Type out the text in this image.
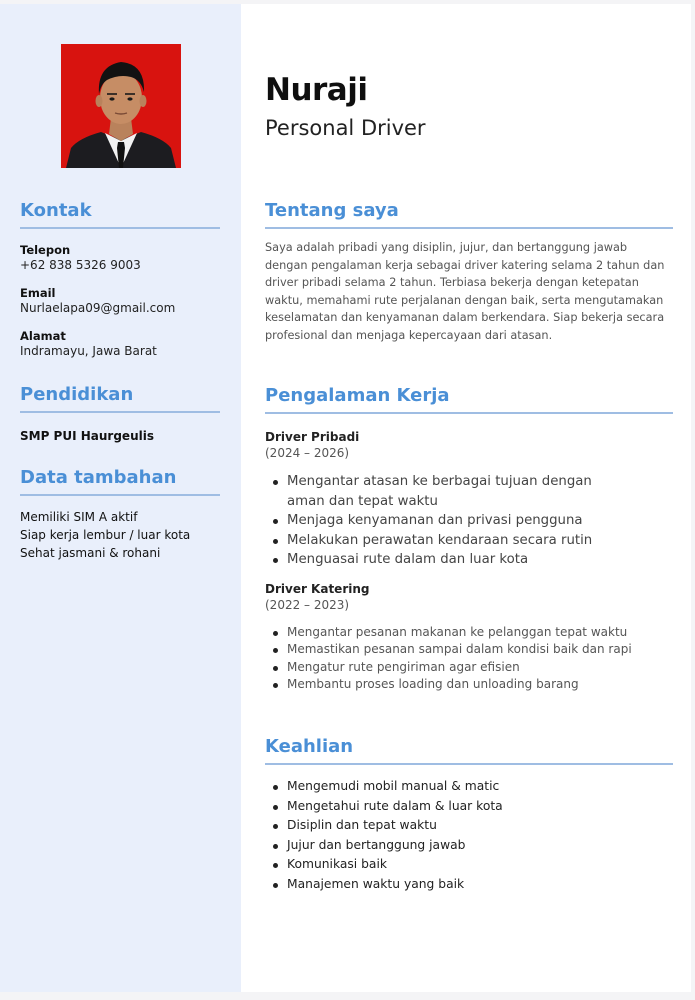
Kontak
Telepon
+62 838 5326 9003
Email
Nurlaelapa09@gmail.com
Alamat
Indramayu, Jawa Barat
Pendidikan
SMP PUI Haurgeulis
Data tambahan
Memiliki SIM A aktif
Siap kerja lembur / luar kota
Sehat jasmani & rohani
Nuraji
Personal Driver
Tentang saya
Saya adalah pribadi yang disiplin, jujur, dan bertanggung jawab dengan pengalaman kerja sebagai driver katering selama 2 tahun dan driver pribadi selama 2 tahun. Terbiasa bekerja dengan ketepatan waktu, memahami rute perjalanan dengan baik, serta mengutamakan keselamatan dan kenyamanan dalam berkendara. Siap bekerja secara profesional dan menjaga kepercayaan dari atasan.
Pengalaman Kerja
Driver Pribadi
(2024 – 2026)
Mengantar atasan ke berbagai tujuan dengan aman dan tepat waktu
Menjaga kenyamanan dan privasi pengguna
Melakukan perawatan kendaraan secara rutin
Menguasai rute dalam dan luar kota
Driver Katering
(2022 – 2023)
Mengantar pesanan makanan ke pelanggan tepat waktu
Memastikan pesanan sampai dalam kondisi baik dan rapi
Mengatur rute pengiriman agar efisien
Membantu proses loading dan unloading barang
Keahlian
Mengemudi mobil manual & matic
Mengetahui rute dalam & luar kota
Disiplin dan tepat waktu
Jujur dan bertanggung jawab
Komunikasi baik
Manajemen waktu yang baik
